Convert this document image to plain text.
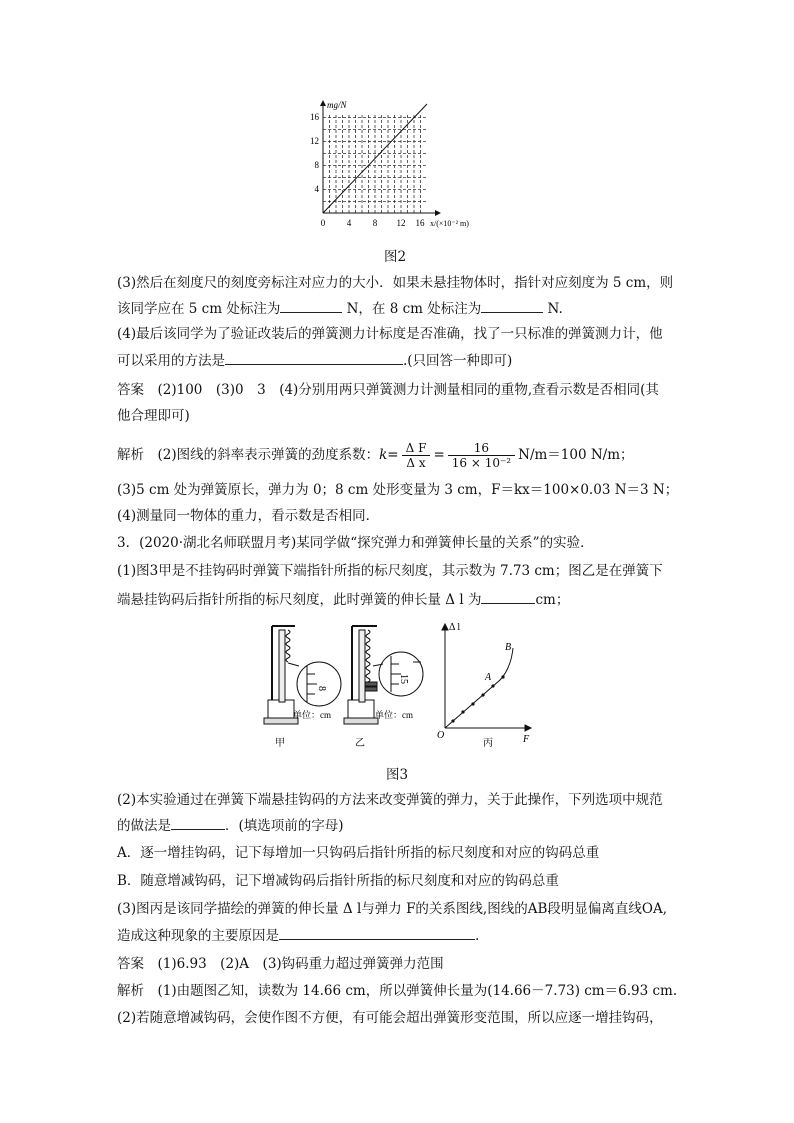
mg/N
4
8
12
16
0 4 8 12 16 x/(×10⁻² m)
图2
(3)然后在刻度尺的刻度旁标注对应力的大小．如果未悬挂物体时，指针对应刻度为 5 cm，则
该同学应在 5 cm 处标注为	N，在 8 cm 处标注为	N.
(4)最后该同学为了验证改装后的弹簧测力计标度是否准确，找了一只标准的弹簧测力计，他
可以采用的方法是	.(只回答一种即可)
答案　(2)100　(3)0　3　(4)分别用两只弹簧测力计测量相同的重物,查看示数是否相同(其
他合理即可)
解析　(2)图线的斜率表示弹簧的劲度系数：$k= \frac{\text{Δ F}}{\text{Δ x}} = \frac{16}{\text{16 × 10⁻²}} N/m=100$ N/m；
(3)5 cm 处为弹簧原长，弹力为 0；8 cm 处形变量为 3 cm，F＝kx＝100×0.03 N＝3 N；
(4)测量同一物体的重力，看示数是否相同．
3．(2020·湖北名师联盟月考)某同学做“探究弹力和弹簧伸长量的关系”的实验．
(1)图3甲是不挂钩码时弹簧下端指针所指的标尺刻度，其示数为 7.73 cm；图乙是在弹簧下
端悬挂钩码后指针所指的标尺刻度，此时弹簧的伸长量 Δ l 为	cm；
8
单位：cm
甲
15
单位：cm
乙
Δ l
F
O
A
B
丙
图3
(2)本实验通过在弹簧下端悬挂钩码的方法来改变弹簧的弹力，关于此操作，下列选项中规范
的做法是	．(填选项前的字母)
A．逐一增挂钩码，记下每增加一只钩码后指针所指的标尺刻度和对应的钩码总重
B．随意增减钩码，记下增减钩码后指针所指的标尺刻度和对应的钩码总重
(3)图丙是该同学描绘的弹簧的伸长量 Δ l与弹力 F的关系图线,图线的AB段明显偏离直线OA,
造成这种现象的主要原因是	.
答案　(1)6.93　(2)A　(3)钩码重力超过弹簧弹力范围
解析　(1)由题图乙知，读数为 14.66 cm，所以弹簧伸长量为(14.66－7.73) cm＝6.93 cm.
(2)若随意增减钩码，会使作图不方便，有可能会超出弹簧形变范围，所以应逐一增挂钩码，
